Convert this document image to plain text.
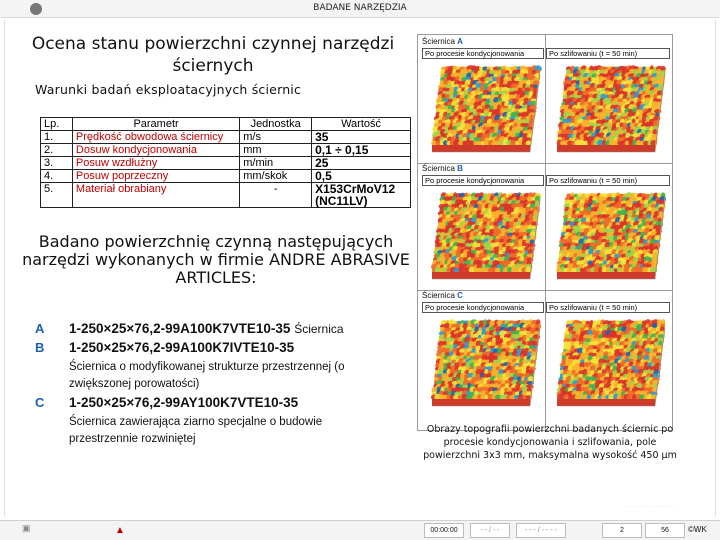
BADANE NARZĘDZIA
Ocena stanu powierzchni czynnej narzędzi ściernych
Warunki badań eksploatacyjnych ściernic
Lp.	Parametr	Jednostka	Wartość
1.	Prędkość obwodowa ściernicy	m/s	35
2.	Dosuw kondycjonowania	mm	0,1 ÷ 0,15
3.	Posuw wzdłużny	m/min	25
4.	Posuw poprzeczny	mm/skok	0,5
5.	Materiał obrabiany	-	X153CrMoV12 (NC11LV)
Badano powierzchnię czynną następujących narzędzi wykonanych w firmie ANDRE ABRASIVE ARTICLES:
A 1-250×25×76,2-99A100K7VTE10-35 Ściernica
B 1-250×25×76,2-99A100K7IVTE10-35
Ściernica o modyfikowanej strukturze przestrzennej (o zwiększonej porowatości)
C 1-250×25×76,2-99AY100K7VTE10-35
Ściernica zawierająca ziarno specjalne o budowie przestrzennie rozwiniętej
Ściernica A
Po procesie kondycjonowania	Po szlifowaniu (t = 50 min)
Ściernica B
Po procesie kondycjonowania	Po szlifowaniu (t = 50 min)
Ściernica C
Po procesie kondycjonowania	Po szlifowaniu (t = 50 min)
Obrazy topografii powierzchni badanych ściernic po procesie kondycjonowania i szlifowania, pole powierzchni 3x3 mm, maksymalna wysokość 450 µm
· · · · · · · · · · · · · · · ·
▣	▲	00:00:00	- - / - -	- - - / - - - -	2	56	©WK
